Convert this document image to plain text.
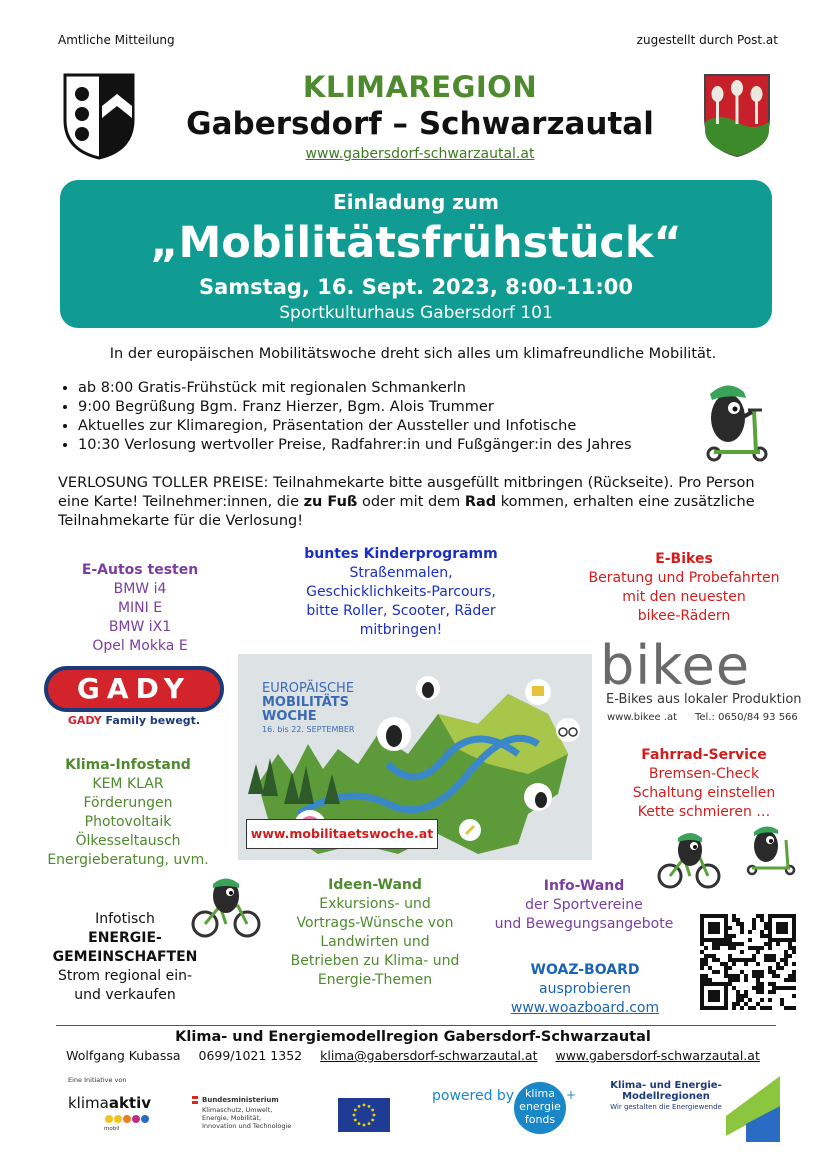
Amtliche Mitteilung	zugestellt durch Post.at
KLIMAREGION
Gabersdorf – Schwarzautal
www.gabersdorf-schwarzautal.at
Einladung zum
„Mobilitätsfrühstück“
Samstag, 16. Sept. 2023, 8:00-11:00
Sportkulturhaus Gabersdorf 101
In der europäischen Mobilitätswoche dreht sich alles um klimafreundliche Mobilität.
• ab 8:00 Gratis-Frühstück mit regionalen Schmankerln
• 9:00 Begrüßung Bgm. Franz Hierzer, Bgm. Alois Trummer
• Aktuelles zur Klimaregion, Präsentation der Aussteller und Infotische
• 10:30 Verlosung wertvoller Preise, Radfahrer:in und Fußgänger:in des Jahres
VERLOSUNG TOLLER PREISE: Teilnahmekarte bitte ausgefüllt mitbringen (Rückseite). Pro Person eine Karte! Teilnehmer:innen, die zu Fuß oder mit dem Rad kommen, erhalten eine zusätzliche Teilnahmekarte für die Verlosung!
E-Autos testen
BMW i4
MINI E
BMW iX1
Opel Mokka E
buntes Kinderprogramm
Straßenmalen,
Geschicklichkeits-Parcours,
bitte Roller, Scooter, Räder
mitbringen!
E-Bikes
Beratung und Probefahrten
mit den neuesten
bikee-Rädern
GADY
GADY Family bewegt.
EUROPÄISCHE
MOBILITÄTS
WOCHE
16. bis 22. SEPTEMBER
www.mobilitaetswoche.at
bikee
E-Bikes aus lokaler Produktion
www.bikee .at Tel.: 0650/84 93 566
Klima-Infostand
KEM KLAR
Förderungen
Photovoltaik
Ölkesseltausch
Energieberatung, uvm.
Fahrrad-Service
Bremsen-Check
Schaltung einstellen
Kette schmieren …
Infotisch
ENERGIE-
GEMEINSCHAFTEN
Strom regional ein-
und verkaufen
Ideen-Wand
Exkursions- und
Vortrags-Wünsche von
Landwirten und
Betrieben zu Klima- und
Energie-Themen
Info-Wand
der Sportvereine
und Bewegungsangebote
WOAZ-BOARD
ausprobieren
www.woazboard.com
Klima- und Energiemodellregion Gabersdorf-Schwarzautal
Wolfgang Kubassa 0699/1021 1352 klima@gabersdorf-schwarzautal.at www.gabersdorf-schwarzautal.at
Eine Initiative von
klimaaktiv
mobil
Bundesministerium
Klimaschutz, Umwelt,
Energie, Mobilität,
Innovation und Technologie
powered by klima
energie
fonds
+
Klima- und Energie-
Modellregionen
Wir gestalten die Energiewende
